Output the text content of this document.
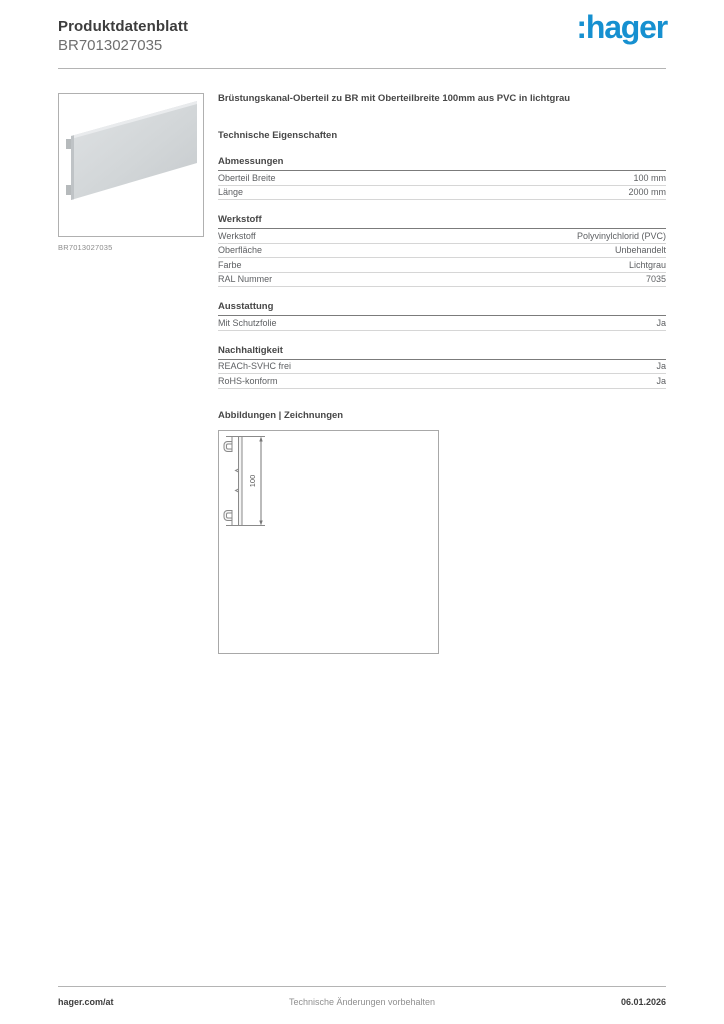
Produktdatenblatt
BR7013027035
:hager
BR7013027035
Brüstungskanal-Oberteil zu BR mit Oberteilbreite 100mm aus PVC in lichtgrau
Technische Eigenschaften
Abmessungen
Oberteil Breite	100 mm
Länge	2000 mm
Werkstoff
Werkstoff	Polyvinylchlorid (PVC)
Oberfläche	Unbehandelt
Farbe	Lichtgrau
RAL Nummer	7035
Ausstattung
Mit Schutzfolie	Ja
Nachhaltigkeit
REACh-SVHC frei	Ja
RoHS-konform	Ja
Abbildungen | Zeichnungen
100
Technische Änderungen vorbehalten
hager.com/at	06.01.2026
